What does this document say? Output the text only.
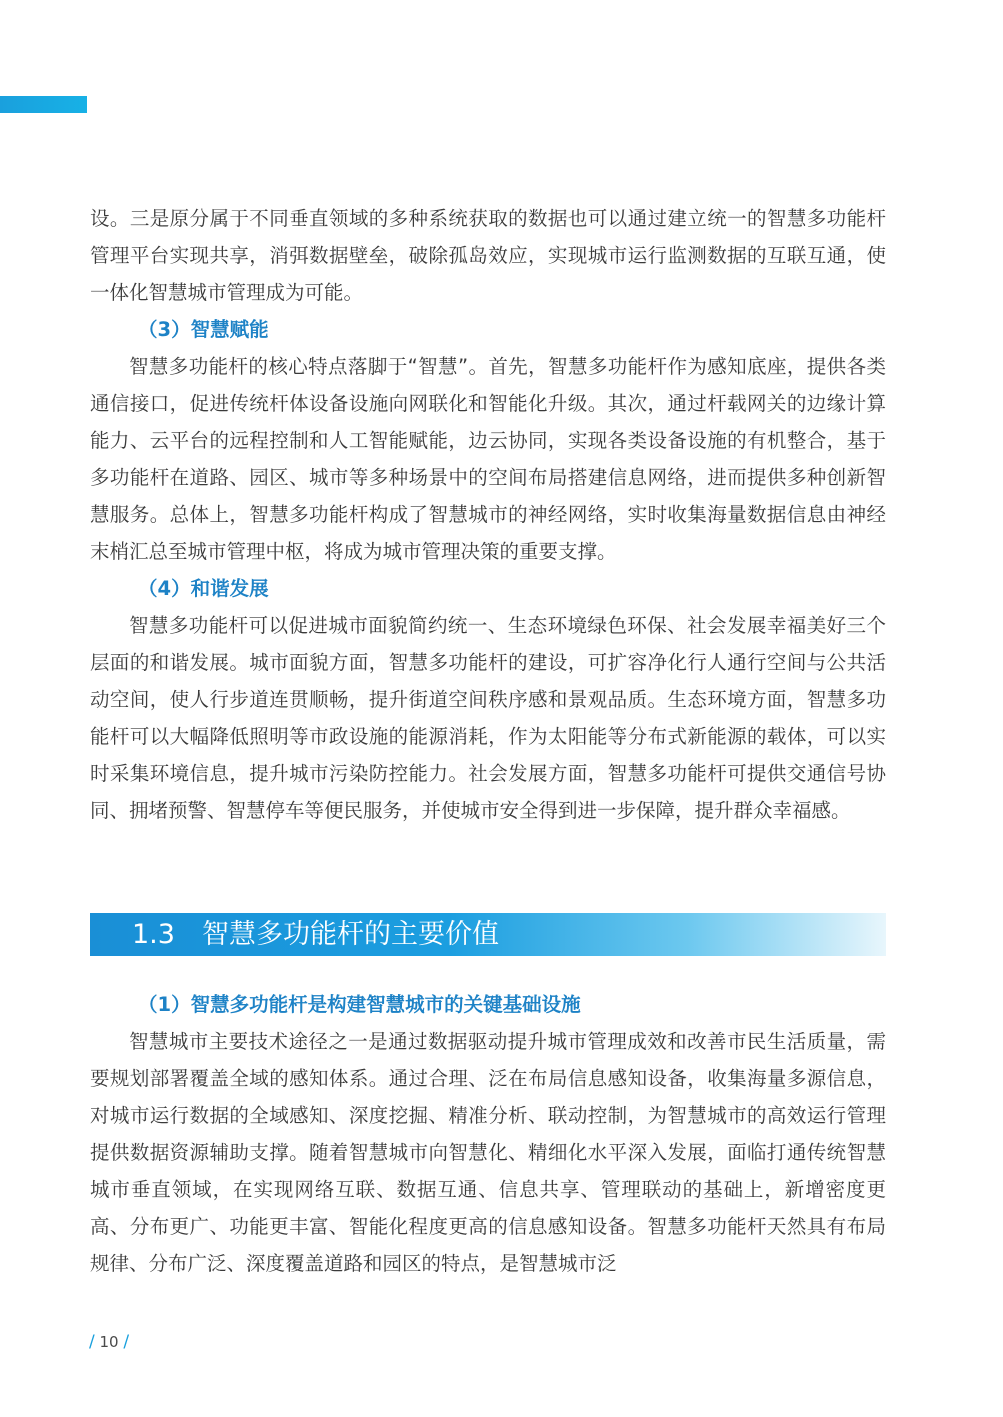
设。三是原分属于不同垂直领域的多种系统获取的数据也可以通过建立统一的智慧多功能杆管理平台实现共享，消弭数据壁垒，破除孤岛效应，实现城市运行监测数据的互联互通，使一体化智慧城市管理成为可能。

（3）智慧赋能

智慧多功能杆的核心特点落脚于“智慧”。首先，智慧多功能杆作为感知底座，提供各类通信接口，促进传统杆体设备设施向网联化和智能化升级。其次，通过杆载网关的边缘计算能力、云平台的远程控制和人工智能赋能，边云协同，实现各类设备设施的有机整合，基于多功能杆在道路、园区、城市等多种场景中的空间布局搭建信息网络，进而提供多种创新智慧服务。总体上，智慧多功能杆构成了智慧城市的神经网络，实时收集海量数据信息由神经末梢汇总至城市管理中枢，将成为城市管理决策的重要支撑。

（4）和谐发展

智慧多功能杆可以促进城市面貌简约统一、生态环境绿色环保、社会发展幸福美好三个层面的和谐发展。城市面貌方面，智慧多功能杆的建设，可扩容净化行人通行空间与公共活动空间，使人行步道连贯顺畅，提升街道空间秩序感和景观品质。生态环境方面，智慧多功能杆可以大幅降低照明等市政设施的能源消耗，作为太阳能等分布式新能源的载体，可以实时采集环境信息，提升城市污染防控能力。社会发展方面，智慧多功能杆可提供交通信号协同、拥堵预警、智慧停车等便民服务，并使城市安全得到进一步保障，提升群众幸福感。

1.3 智慧多功能杆的主要价值
（1）智慧多功能杆是构建智慧城市的关键基础设施

智慧城市主要技术途径之一是通过数据驱动提升城市管理成效和改善市民生活质量，需要规划部署覆盖全域的感知体系。通过合理、泛在布局信息感知设备，收集海量多源信息，对城市运行数据的全域感知、深度挖掘、精准分析、联动控制，为智慧城市的高效运行管理提供数据资源辅助支撑。随着智慧城市向智慧化、精细化水平深入发展，面临打通传统智慧城市垂直领域，在实现网络互联、数据互通、信息共享、管理联动的基础上，新增密度更高、分布更广、功能更丰富、智能化程度更高的信息感知设备。智慧多功能杆天然具有布局规律、分布广泛、深度覆盖道路和园区的特点，是智慧城市泛

/ 10 /
